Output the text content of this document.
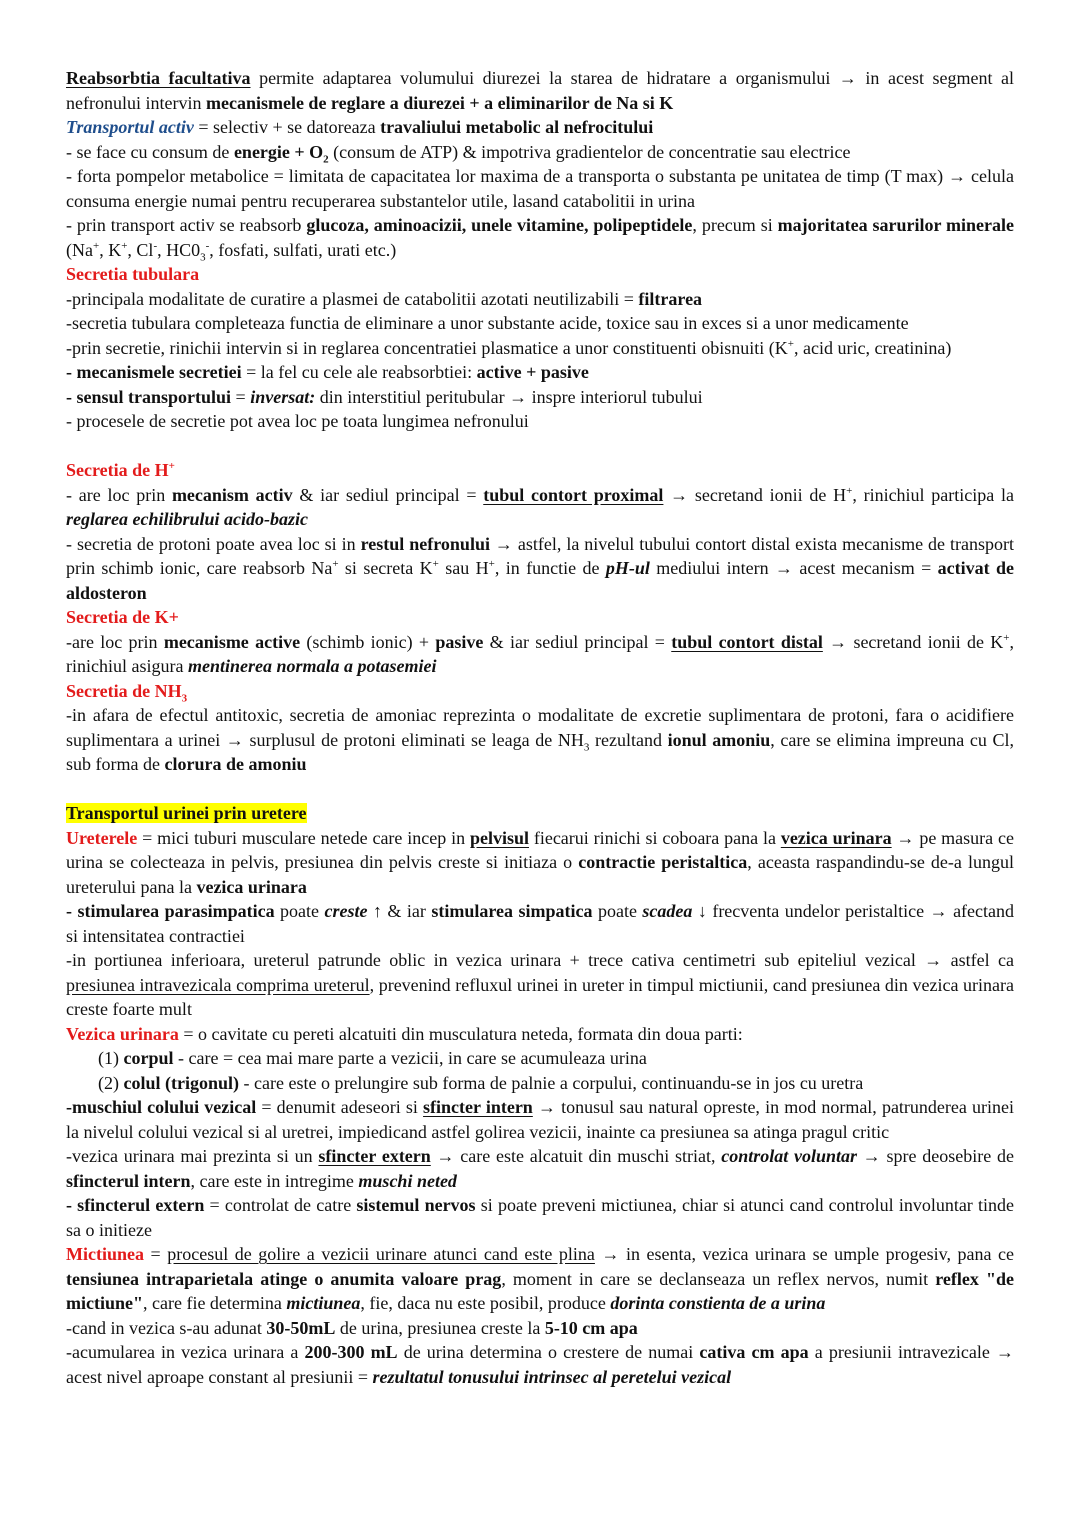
Reabsorbtia facultativa permite adaptarea volumului diurezei la starea de hidratare a organismului → in acest segment al nefronului intervin mecanismele de reglare a diurezei + a eliminarilor de Na si K

Transportul activ = selectiv + se datoreaza travaliului metabolic al nefrocitului

- se face cu consum de energie + $O_2$ (consum de ATP) & impotriva gradientelor de concentratie sau electrice

- forta pompelor metabolice = limitata de capacitatea lor maxima de a transporta o substanta pe unitatea de timp (T max) → celula consuma energie numai pentru recuperarea substantelor utile, lasand catabolitii in urina

- prin transport activ se reabsorb glucoza, aminoacizii, unele vitamine, polipeptidele, precum si majoritatea sarurilor minerale (Na+, K+, Cl-, $HC0_3^-$, fosfati, sulfati, urati etc.)

Secretia tubulara

-principala modalitate de curatire a plasmei de catabolitii azotati neutilizabili = filtrarea

-secretia tubulara completeaza functia de eliminare a unor substante acide, toxice sau in exces si a unor medicamente

-prin secretie, rinichii intervin si in reglarea concentratiei plasmatice a unor constituenti obisnuiti (K+, acid uric, creatinina)

- mecanismele secretiei = la fel cu cele ale reabsorbtiei: active + pasive

- sensul transportului = inversat: din interstitiul peritubular → inspre interiorul tubului

- procesele de secretie pot avea loc pe toata lungimea nefronului

Secretia de H+

- are loc prin mecanism activ & iar sediul principal = tubul contort proximal → secretand ionii de H+, rinichiul participa la reglarea echilibrului acido-bazic

- secretia de protoni poate avea loc si in restul nefronului → astfel, la nivelul tubului contort distal exista mecanisme de transport prin schimb ionic, care reabsorb Na+ si secreta K+ sau H+, in functie de pH-ul mediului intern → acest mecanism = activat de aldosteron

Secretia de K+

-are loc prin mecanisme active (schimb ionic) + pasive & iar sediul principal = tubul contort distal → secretand ionii de K+, rinichiul asigura mentinerea normala a potasemiei

Secretia de $NH_3$

-in afara de efectul antitoxic, secretia de amoniac reprezinta o modalitate de excretie suplimentara de protoni, fara o acidifiere suplimentara a urinei → surplusul de protoni eliminati se leaga de $NH_3$ rezultand ionul amoniu, care se elimina impreuna cu Cl, sub forma de clorura de amoniu

Transportul urinei prin uretere

Ureterele = mici tuburi musculare netede care incep in pelvisul fiecarui rinichi si coboara pana la vezica urinara → pe masura ce urina se colecteaza in pelvis, presiunea din pelvis creste si initiaza o contractie peristaltica, aceasta raspandindu-se de-a lungul ureterului pana la vezica urinara

- stimularea parasimpatica poate creste ↑ & iar stimularea simpatica poate scadea ↓ frecventa undelor peristaltice → afectand si intensitatea contractiei

-in portiunea inferioara, ureterul patrunde oblic in vezica urinara + trece cativa centimetri sub epiteliul vezical → astfel ca presiunea intravezicala comprima ureterul, prevenind refluxul urinei in ureter in timpul mictiunii, cand presiunea din vezica urinara creste foarte mult

Vezica urinara = o cavitate cu pereti alcatuiti din musculatura neteda, formata din doua parti:

(1) corpul - care = cea mai mare parte a vezicii, in care se acumuleaza urina

(2) colul (trigonul) - care este o prelungire sub forma de palnie a corpului, continuandu-se in jos cu uretra

-muschiul colului vezical = denumit adeseori si sfincter intern → tonusul sau natural opreste, in mod normal, patrunderea urinei la nivelul colului vezical si al uretrei, impiedicand astfel golirea vezicii, inainte ca presiunea sa atinga pragul critic

-vezica urinara mai prezinta si un sfincter extern → care este alcatuit din muschi striat, controlat voluntar → spre deosebire de sfincterul intern, care este in intregime muschi neted

- sfincterul extern = controlat de catre sistemul nervos si poate preveni mictiunea, chiar si atunci cand controlul involuntar tinde sa o initieze

Mictiunea = procesul de golire a vezicii urinare atunci cand este plina → in esenta, vezica urinara se umple progesiv, pana ce tensiunea intraparietala atinge o anumita valoare prag, moment in care se declanseaza un reflex nervos, numit reflex "de mictiune", care fie determina mictiunea, fie, daca nu este posibil, produce dorinta constienta de a urina

-cand in vezica s-au adunat 30-50mL de urina, presiunea creste la 5-10 cm apa

-acumularea in vezica urinara a 200-300 mL de urina determina o crestere de numai cativa cm apa a presiunii intravezicale → acest nivel aproape constant al presiunii = rezultatul tonusului intrinsec al peretelui vezical
